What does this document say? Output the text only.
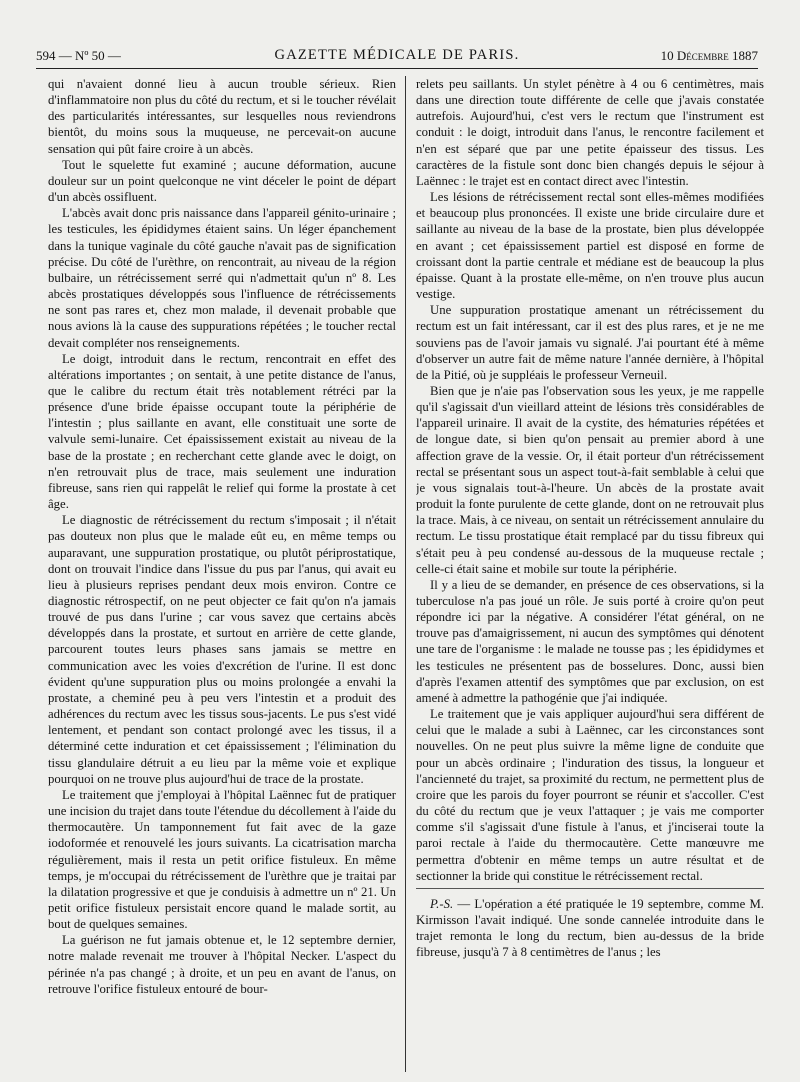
594 — Nº 50 —	GAZETTE MÉDICALE DE PARIS.	10 Décembre 1887

qui n'avaient donné lieu à aucun trouble sérieux. Rien d'inflammatoire non plus du côté du rectum, et si le toucher révélait des particularités intéressantes, sur lesquelles nous reviendrons bientôt, du moins sous la muqueuse, ne percevait-on aucune sensation qui pût faire croire à un abcès.

Tout le squelette fut examiné ; aucune déformation, aucune douleur sur un point quelconque ne vint déceler le point de départ d'un abcès ossifluent.

L'abcès avait donc pris naissance dans l'appareil génito-urinaire ; les testicules, les épididymes étaient sains. Un léger épanchement dans la tunique vaginale du côté gauche n'avait pas de signification précise. Du côté de l'urèthre, on rencontrait, au niveau de la région bulbaire, un rétrécissement serré qui n'admettait qu'un nº 8. Les abcès prostatiques développés sous l'influence de rétrécissements ne sont pas rares et, chez mon malade, il devenait probable que nous avions là la cause des suppurations répétées ; le toucher rectal devait compléter nos renseignements.

Le doigt, introduit dans le rectum, rencontrait en effet des altérations importantes ; on sentait, à une petite distance de l'anus, que le calibre du rectum était très notablement rétréci par la présence d'une bride épaisse occupant toute la périphérie de l'intestin ; plus saillante en avant, elle constituait une sorte de valvule semi-lunaire. Cet épaississement existait au niveau de la base de la prostate ; en recherchant cette glande avec le doigt, on n'en retrouvait plus de trace, mais seulement une induration fibreuse, sans rien qui rappelât le relief qui forme la prostate à cet âge.

Le diagnostic de rétrécissement du rectum s'imposait ; il n'était pas douteux non plus que le malade eût eu, en même temps ou auparavant, une suppuration prostatique, ou plutôt périprostatique, dont on trouvait l'indice dans l'issue du pus par l'anus, qui avait eu lieu à plusieurs reprises pendant deux mois environ. Contre ce diagnostic rétrospectif, on ne peut objecter ce fait qu'on n'a jamais trouvé de pus dans l'urine ; car vous savez que certains abcès développés dans la prostate, et surtout en arrière de cette glande, parcourent toutes leurs phases sans jamais se mettre en communication avec les voies d'excrétion de l'urine. Il est donc évident qu'une suppuration plus ou moins prolongée a envahi la prostate, a cheminé peu à peu vers l'intestin et a produit des adhérences du rectum avec les tissus sous-jacents. Le pus s'est vidé lentement, et pendant son contact prolongé avec les tissus, il a déterminé cette induration et cet épaississement ; l'élimination du tissu glandulaire détruit a eu lieu par la même voie et explique pourquoi on ne trouve plus aujourd'hui de trace de la prostate.

Le traitement que j'employai à l'hôpital Laënnec fut de pratiquer une incision du trajet dans toute l'étendue du décollement à l'aide du thermocautère. Un tamponnement fut fait avec de la gaze iodoformée et renouvelé les jours suivants. La cicatrisation marcha régulièrement, mais il resta un petit orifice fistuleux. En même temps, je m'occupai du rétrécissement de l'urèthre que je traitai par la dilatation progressive et que je conduisis à admettre un nº 21. Un petit orifice fistuleux persistait encore quand le malade sortit, au bout de quelques semaines.

La guérison ne fut jamais obtenue et, le 12 septembre dernier, notre malade revenait me trouver à l'hôpital Necker. L'aspect du périnée n'a pas changé ; à droite, et un peu en avant de l'anus, on retrouve l'orifice fistuleux entouré de bour-

relets peu saillants. Un stylet pénètre à 4 ou 6 centimètres, mais dans une direction toute différente de celle que j'avais constatée autrefois. Aujourd'hui, c'est vers le rectum que l'instrument est conduit : le doigt, introduit dans l'anus, le rencontre facilement et n'en est séparé que par une petite épaisseur des tissus. Les caractères de la fistule sont donc bien changés depuis le séjour à Laënnec : le trajet est en contact direct avec l'intestin.

Les lésions de rétrécissement rectal sont elles-mêmes modifiées et beaucoup plus prononcées. Il existe une bride circulaire dure et saillante au niveau de la base de la prostate, bien plus développée en avant ; cet épaississement partiel est disposé en forme de croissant dont la partie centrale et médiane est de beaucoup la plus épaisse. Quant à la prostate elle-même, on n'en trouve plus aucun vestige.

Une suppuration prostatique amenant un rétrécissement du rectum est un fait intéressant, car il est des plus rares, et je ne me souviens pas de l'avoir jamais vu signalé. J'ai pourtant été à même d'observer un autre fait de même nature l'année dernière, à l'hôpital de la Pitié, où je suppléais le professeur Verneuil.

Bien que je n'aie pas l'observation sous les yeux, je me rappelle qu'il s'agissait d'un vieillard atteint de lésions très considérables de l'appareil urinaire. Il avait de la cystite, des hématuries répétées et de longue date, si bien qu'on pensait au premier abord à une affection grave de la vessie. Or, il était porteur d'un rétrécissement rectal se présentant sous un aspect tout-à-fait semblable à celui que je vous signalais tout-à-l'heure. Un abcès de la prostate avait produit la fonte purulente de cette glande, dont on ne retrouvait plus la trace. Mais, à ce niveau, on sentait un rétrécissement annulaire du rectum. Le tissu prostatique était remplacé par du tissu fibreux qui s'était peu à peu condensé au-dessous de la muqueuse rectale ; celle-ci était saine et mobile sur toute la périphérie.

Il y a lieu de se demander, en présence de ces observations, si la tuberculose n'a pas joué un rôle. Je suis porté à croire qu'on peut répondre ici par la négative. A considérer l'état général, on ne trouve pas d'amaigrissement, ni aucun des symptômes qui dénotent une tare de l'organisme : le malade ne tousse pas ; les épididymes et les testicules ne présentent pas de bosselures. Donc, aussi bien d'après l'examen attentif des symptômes que par exclusion, on est amené à admettre la pathogénie que j'ai indiquée.

Le traitement que je vais appliquer aujourd'hui sera différent de celui que le malade a subi à Laënnec, car les circonstances sont nouvelles. On ne peut plus suivre la même ligne de conduite que pour un abcès ordinaire ; l'induration des tissus, la longueur et l'ancienneté du trajet, sa proximité du rectum, ne permettent plus de croire que les parois du foyer pourront se réunir et s'accoller. C'est du côté du rectum que je veux l'attaquer ; je vais me comporter comme s'il s'agissait d'une fistule à l'anus, et j'inciserai toute la paroi rectale à l'aide du thermocautère. Cette manœuvre me permettra d'obtenir en même temps un autre résultat et de sectionner la bride qui constitue le rétrécissement rectal.

P.-S. — L'opération a été pratiquée le 19 septembre, comme M. Kirmisson l'avait indiqué. Une sonde cannelée introduite dans le trajet remonta le long du rectum, bien au-dessus de la bride fibreuse, jusqu'à 7 à 8 centimètres de l'anus ; les
